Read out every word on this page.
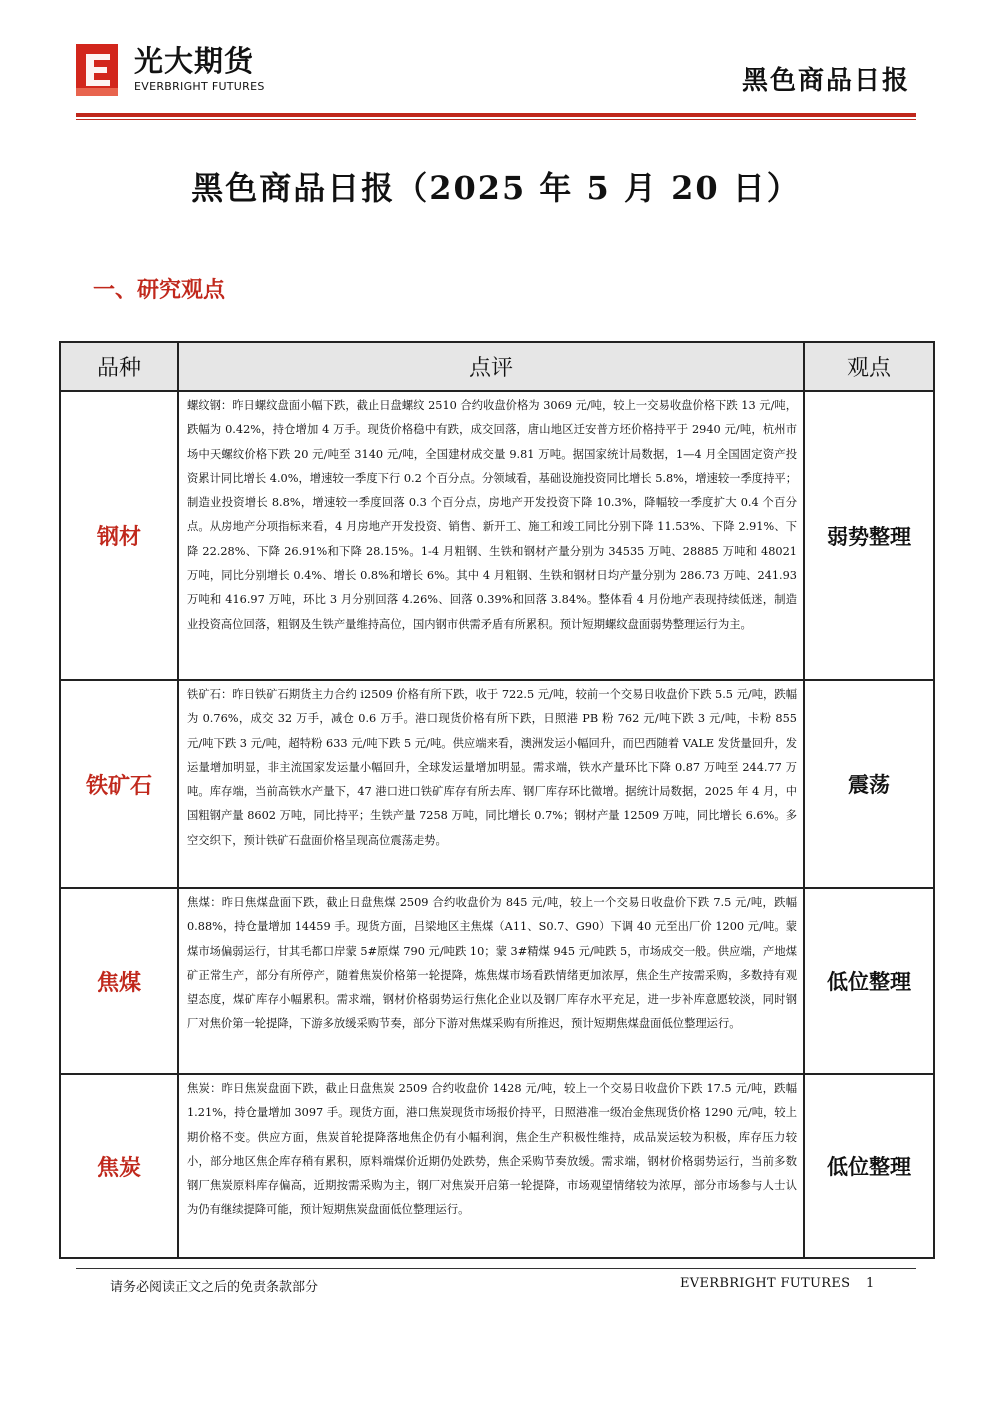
光大期货
EVERBRIGHT FUTURES	黑色商品日报
黑色商品日报（2025 年 5 月 20 日）
一、研究观点
品种	点评	观点
钢材	螺纹钢：昨日螺纹盘面小幅下跌，截止日盘螺纹 2510 合约收盘价格为 3069 元/吨，较上一交易收盘价格下跌 13 元/吨，跌幅为 0.42%，持仓增加 4 万手。现货价格稳中有跌，成交回落，唐山地区迁安普方坯价格持平于 2940 元/吨，杭州市场中天螺纹价格下跌 20 元/吨至 3140 元/吨，全国建材成交量 9.81 万吨。据国家统计局数据，1—4 月全国固定资产投资累计同比增长 4.0%，增速较一季度下行 0.2 个百分点。分领域看，基础设施投资同比增长 5.8%，增速较一季度持平；制造业投资增长 8.8%，增速较一季度回落 0.3 个百分点，房地产开发投资下降 10.3%，降幅较一季度扩大 0.4 个百分点。从房地产分项指标来看，4 月房地产开发投资、销售、新开工、施工和竣工同比分别下降 11.53%、下降 2.91%、下降 22.28%、下降 26.91%和下降 28.15%。1-4 月粗钢、生铁和钢材产量分别为 34535 万吨、28885 万吨和 48021 万吨，同比分别增长 0.4%、增长 0.8%和增长 6%。其中 4 月粗钢、生铁和钢材日均产量分别为 286.73 万吨、241.93 万吨和 416.97 万吨，环比 3 月分别回落 4.26%、回落 0.39%和回落 3.84%。整体看 4 月份地产表现持续低迷，制造业投资高位回落，粗钢及生铁产量维持高位，国内钢市供需矛盾有所累积。预计短期螺纹盘面弱势整理运行为主。	弱势整理
铁矿石	铁矿石：昨日铁矿石期货主力合约 i2509 价格有所下跌，收于 722.5 元/吨，较前一个交易日收盘价下跌 5.5 元/吨，跌幅为 0.76%，成交 32 万手，减仓 0.6 万手。港口现货价格有所下跌，日照港 PB 粉 762 元/吨下跌 3 元/吨，卡粉 855 元/吨下跌 3 元/吨，超特粉 633 元/吨下跌 5 元/吨。供应端来看，澳洲发运小幅回升，而巴西随着 VALE 发货量回升，发运量增加明显，非主流国家发运量小幅回升，全球发运量增加明显。需求端，铁水产量环比下降 0.87 万吨至 244.77 万吨。库存端，当前高铁水产量下，47 港口进口铁矿库存有所去库、钢厂库存环比微增。据统计局数据，2025 年 4 月，中国粗钢产量 8602 万吨，同比持平；生铁产量 7258 万吨，同比增长 0.7%；钢材产量 12509 万吨，同比增长 6.6%。多空交织下，预计铁矿石盘面价格呈现高位震荡走势。	震荡
焦煤	焦煤：昨日焦煤盘面下跌，截止日盘焦煤 2509 合约收盘价为 845 元/吨，较上一个交易日收盘价下跌 7.5 元/吨，跌幅 0.88%，持仓量增加 14459 手。现货方面，吕梁地区主焦煤（A11、S0.7、G90）下调 40 元至出厂价 1200 元/吨。蒙煤市场偏弱运行，甘其毛都口岸蒙 5#原煤 790 元/吨跌 10；蒙 3#精煤 945 元/吨跌 5，市场成交一般。供应端，产地煤矿正常生产，部分有所停产，随着焦炭价格第一轮提降，炼焦煤市场看跌情绪更加浓厚，焦企生产按需采购，多数持有观望态度，煤矿库存小幅累积。需求端，钢材价格弱势运行焦化企业以及钢厂库存水平充足，进一步补库意愿较淡，同时钢厂对焦价第一轮提降，下游多放缓采购节奏，部分下游对焦煤采购有所推迟，预计短期焦煤盘面低位整理运行。	低位整理
焦炭	焦炭：昨日焦炭盘面下跌，截止日盘焦炭 2509 合约收盘价 1428 元/吨，较上一个交易日收盘价下跌 17.5 元/吨，跌幅 1.21%，持仓量增加 3097 手。现货方面，港口焦炭现货市场报价持平，日照港准一级冶金焦现货价格 1290 元/吨，较上期价格不变。供应方面，焦炭首轮提降落地焦企仍有小幅利润，焦企生产积极性维持，成品炭运较为积极，库存压力较小，部分地区焦企库存稍有累积，原料端煤价近期仍处跌势，焦企采购节奏放缓。需求端，钢材价格弱势运行，当前多数钢厂焦炭原料库存偏高，近期按需采购为主，钢厂对焦炭开启第一轮提降，市场观望情绪较为浓厚，部分市场参与人士认为仍有继续提降可能，预计短期焦炭盘面低位整理运行。	低位整理
请务必阅读正文之后的免责条款部分	EVERBRIGHT FUTURES 1
